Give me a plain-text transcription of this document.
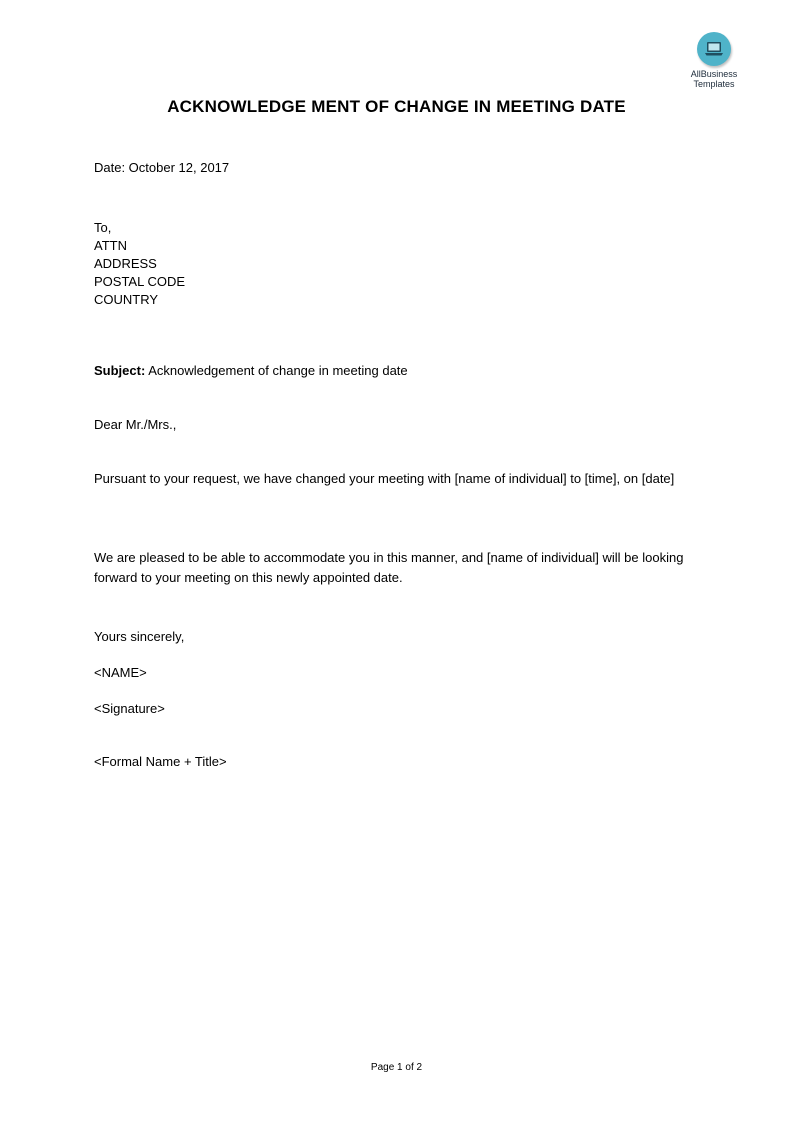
AllBusiness
Templates
ACKNOWLEDGE MENT OF CHANGE IN MEETING DATE
Date: October 12, 2017
To,
ATTN
ADDRESS
POSTAL CODE
COUNTRY
Subject: Acknowledgement of change in meeting date
Dear Mr./Mrs.,
Pursuant to your request, we have changed your meeting with [name of individual] to [time], on [date]
We are pleased to be able to accommodate you in this manner, and [name of individual] will be looking forward to your meeting on this newly appointed date.
Yours sincerely,
<NAME>
<Signature>
<Formal Name + Title>
Page 1 of 2
